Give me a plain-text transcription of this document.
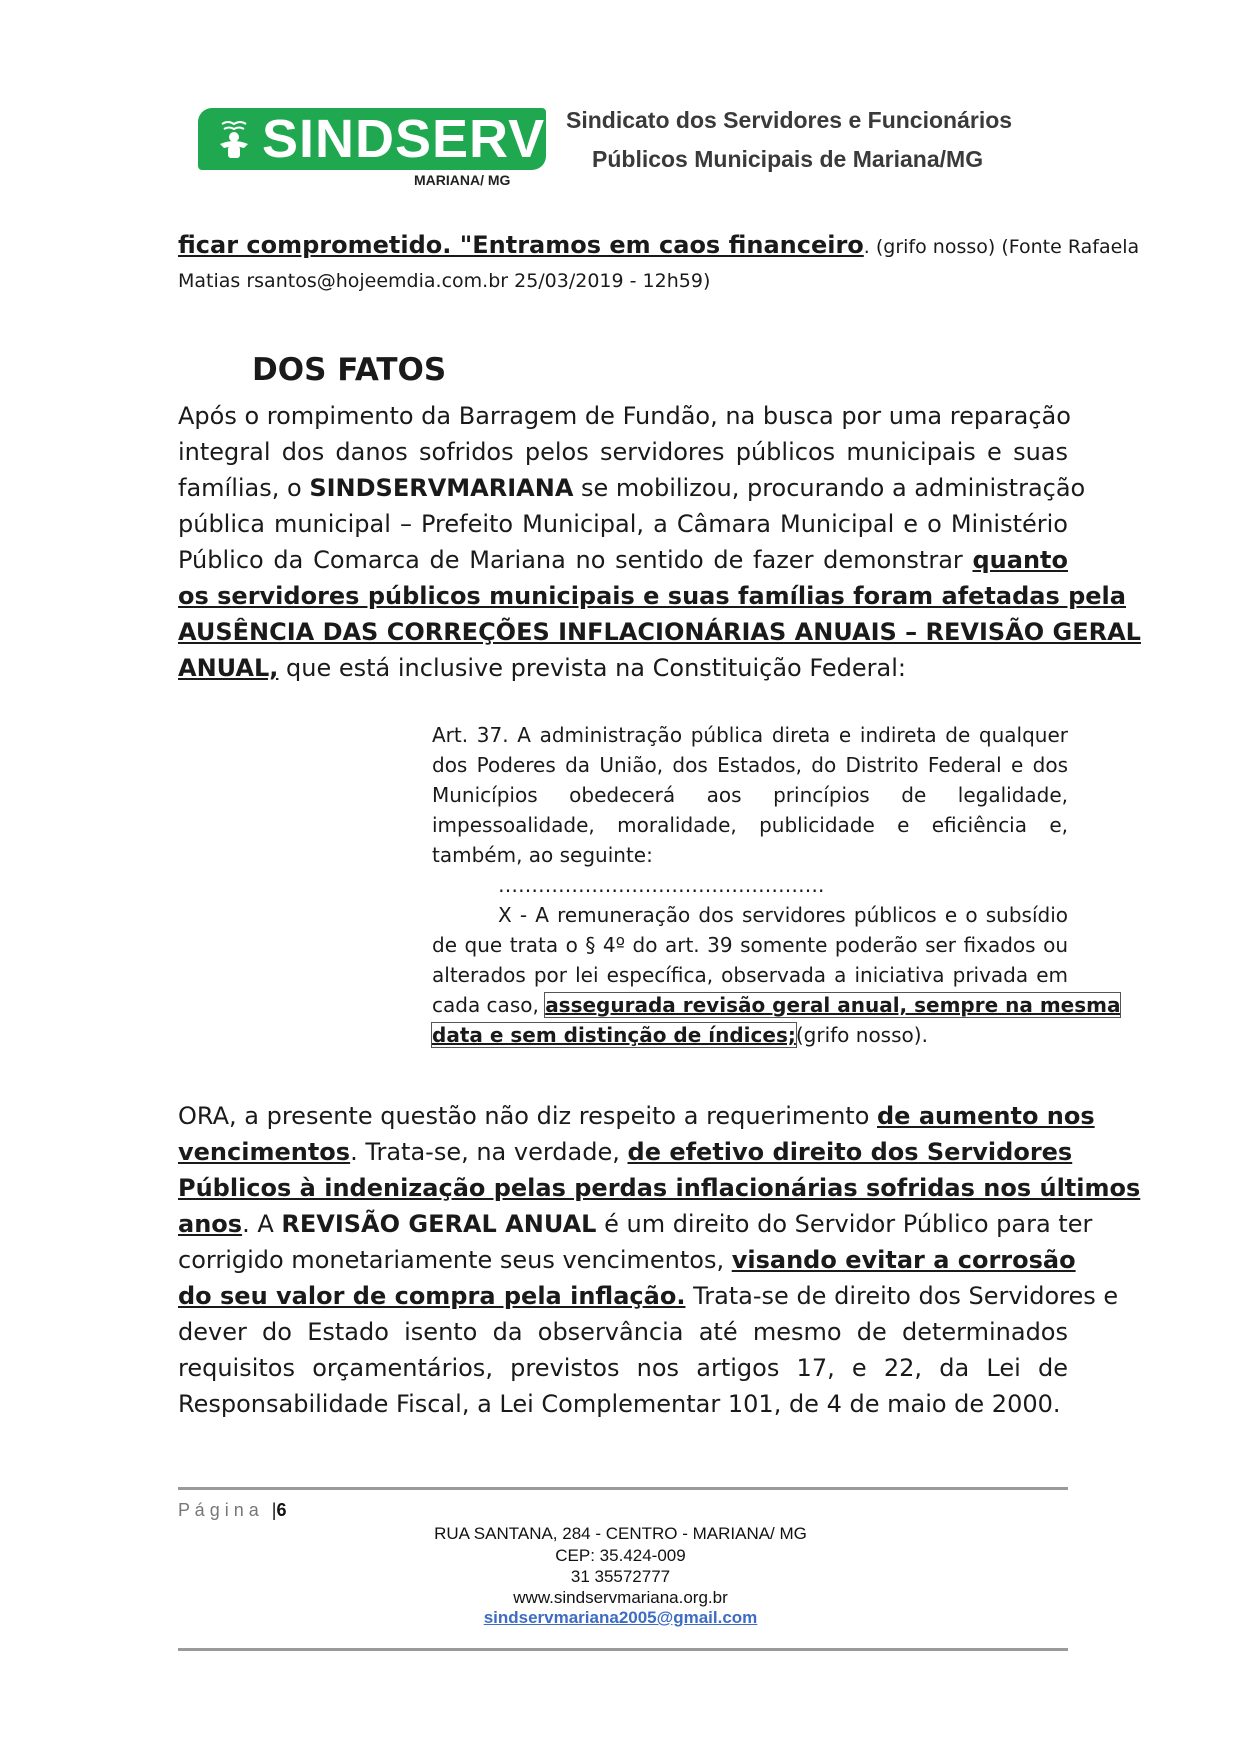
SINDSERV
MARIANA/ MG
Sindicato dos Servidores e Funcionários
Públicos Municipais de Mariana/MG
ficar comprometido. "Entramos em caos financeiro. (grifo nosso) (Fonte Rafaela
Matias rsantos@hojeemdia.com.br 25/03/2019 - 12h59)
DOS FATOS
Após o rompimento da Barragem de Fundão, na busca por uma reparação
integral dos danos sofridos pelos servidores públicos municipais e suas
famílias, o SINDSERVMARIANA se mobilizou, procurando a administração
pública municipal – Prefeito Municipal, a Câmara Municipal e o Ministério
Público da Comarca de Mariana no sentido de fazer demonstrar quanto
os servidores públicos municipais e suas famílias foram afetadas pela
AUSÊNCIA DAS CORREÇÕES INFLACIONÁRIAS ANUAIS – REVISÃO GERAL
ANUAL, que está inclusive prevista na Constituição Federal:
Art. 37. A administração pública direta e indireta de qualquer
dos Poderes da União, dos Estados, do Distrito Federal e dos
Municípios obedecerá aos princípios de legalidade,
impessoalidade, moralidade, publicidade e eficiência e,
também, ao seguinte:
………………………………………….
X - A remuneração dos servidores públicos e o subsídio
de que trata o § 4º do art. 39 somente poderão ser fixados ou
alterados por lei específica, observada a iniciativa privada em
cada caso, assegurada revisão geral anual, sempre na mesma
data e sem distinção de índices;(grifo nosso).
ORA, a presente questão não diz respeito a requerimento de aumento nos
vencimentos. Trata-se, na verdade, de efetivo direito dos Servidores
Públicos à indenização pelas perdas inflacionárias sofridas nos últimos
anos. A REVISÃO GERAL ANUAL é um direito do Servidor Público para ter
corrigido monetariamente seus vencimentos, visando evitar a corrosão
do seu valor de compra pela inflação. Trata-se de direito dos Servidores e
dever do Estado isento da observância até mesmo de determinados
requisitos orçamentários, previstos nos artigos 17, e 22, da Lei de
Responsabilidade Fiscal, a Lei Complementar 101, de 4 de maio de 2000.
P á g i n a |6
RUA SANTANA, 284 - CENTRO - MARIANA/ MG
CEP: 35.424-009
31 35572777
www.sindservmariana.org.br
sindservmariana2005@gmail.com
